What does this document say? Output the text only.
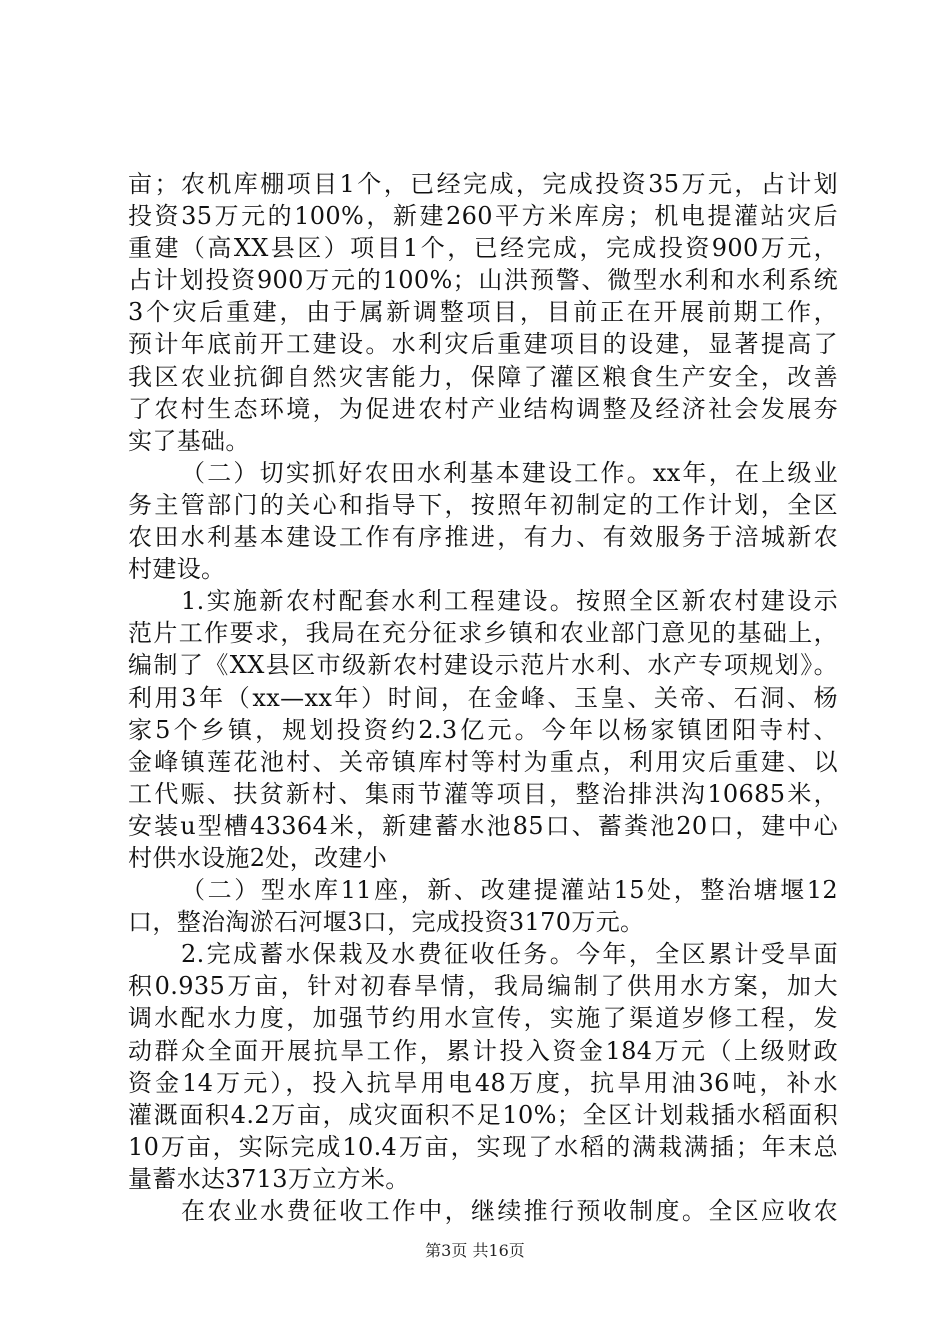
亩；农机库棚项目1个，已经完成，完成投资35万元，占计划
投资35万元的100%，新建260平方米库房；机电提灌站灾后
重建（高XX县区）项目1个，已经完成，完成投资900万元，
占计划投资900万元的100%；山洪预警、微型水利和水利系统
3个灾后重建，由于属新调整项目，目前正在开展前期工作，
预计年底前开工建设。水利灾后重建项目的设建，显著提高了
我区农业抗御自然灾害能力，保障了灌区粮食生产安全，改善
了农村生态环境，为促进农村产业结构调整及经济社会发展夯
实了基础。
（二）切实抓好农田水利基本建设工作。xx年，在上级业
务主管部门的关心和指导下，按照年初制定的工作计划，全区
农田水利基本建设工作有序推进，有力、有效服务于涪城新农
村建设。
1.实施新农村配套水利工程建设。按照全区新农村建设示
范片工作要求，我局在充分征求乡镇和农业部门意见的基础上，
编制了《XX县区市级新农村建设示范片水利、水产专项规划》。
利用3年（xx—xx年）时间，在金峰、玉皇、关帝、石洞、杨
家5个乡镇，规划投资约2.3亿元。今年以杨家镇团阳寺村、
金峰镇莲花池村、关帝镇库村等村为重点，利用灾后重建、以
工代赈、扶贫新村、集雨节灌等项目，整治排洪沟10685米，
安装u型槽43364米，新建蓄水池85口、蓄粪池20口，建中心
村供水设施2处，改建小
（二）型水库11座，新、改建提灌站15处，整治塘堰12
口，整治淘淤石河堰3口，完成投资3170万元。
2.完成蓄水保栽及水费征收任务。今年，全区累计受旱面
积0.935万亩，针对初春旱情，我局编制了供用水方案，加大
调水配水力度，加强节约用水宣传，实施了渠道岁修工程，发
动群众全面开展抗旱工作，累计投入资金184万元（上级财政
资金14万元），投入抗旱用电48万度，抗旱用油36吨，补水
灌溉面积4.2万亩，成灾面积不足10%；全区计划栽插水稻面积
10万亩，实际完成10.4万亩，实现了水稻的满栽满插；年末总
量蓄水达3713万立方米。
在农业水费征收工作中，继续推行预收制度。全区应收农
第3页 共16页
